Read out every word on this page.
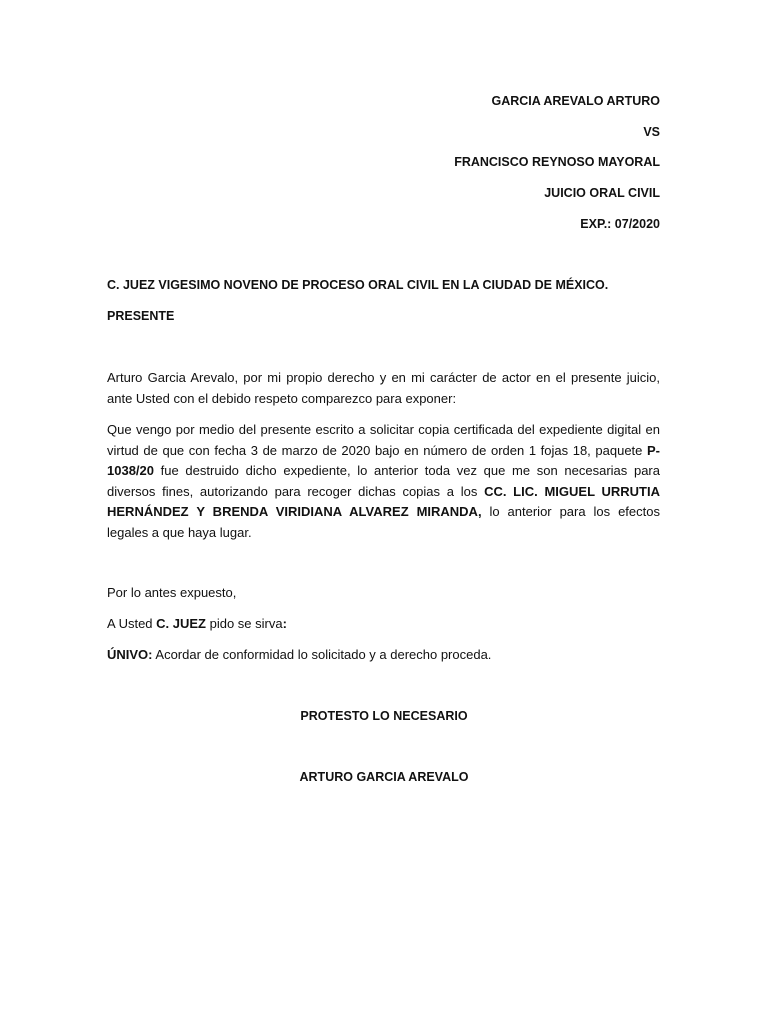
GARCIA AREVALO ARTURO
VS
FRANCISCO REYNOSO MAYORAL
JUICIO ORAL CIVIL
EXP.: 07/2020
C. JUEZ VIGESIMO NOVENO DE PROCESO ORAL CIVIL EN LA CIUDAD DE MÉXICO.
PRESENTE
Arturo Garcia Arevalo, por mi propio derecho y en mi carácter de actor en el presente juicio, ante Usted con el debido respeto comparezco para exponer:
Que vengo por medio del presente escrito a solicitar copia certificada del expediente digital en virtud de que con fecha 3 de marzo de 2020 bajo en número de orden 1 fojas 18, paquete P-1038/20 fue destruido dicho expediente, lo anterior toda vez que me son necesarias para diversos fines, autorizando para recoger dichas copias a los CC. LIC. MIGUEL URRUTIA HERNÁNDEZ Y BRENDA VIRIDIANA ALVAREZ MIRANDA, lo anterior para los efectos legales a que haya lugar.
Por lo antes expuesto,
A Usted C. JUEZ pido se sirva:
ÚNIVO: Acordar de conformidad lo solicitado y a derecho proceda.
PROTESTO LO NECESARIO
ARTURO GARCIA AREVALO
